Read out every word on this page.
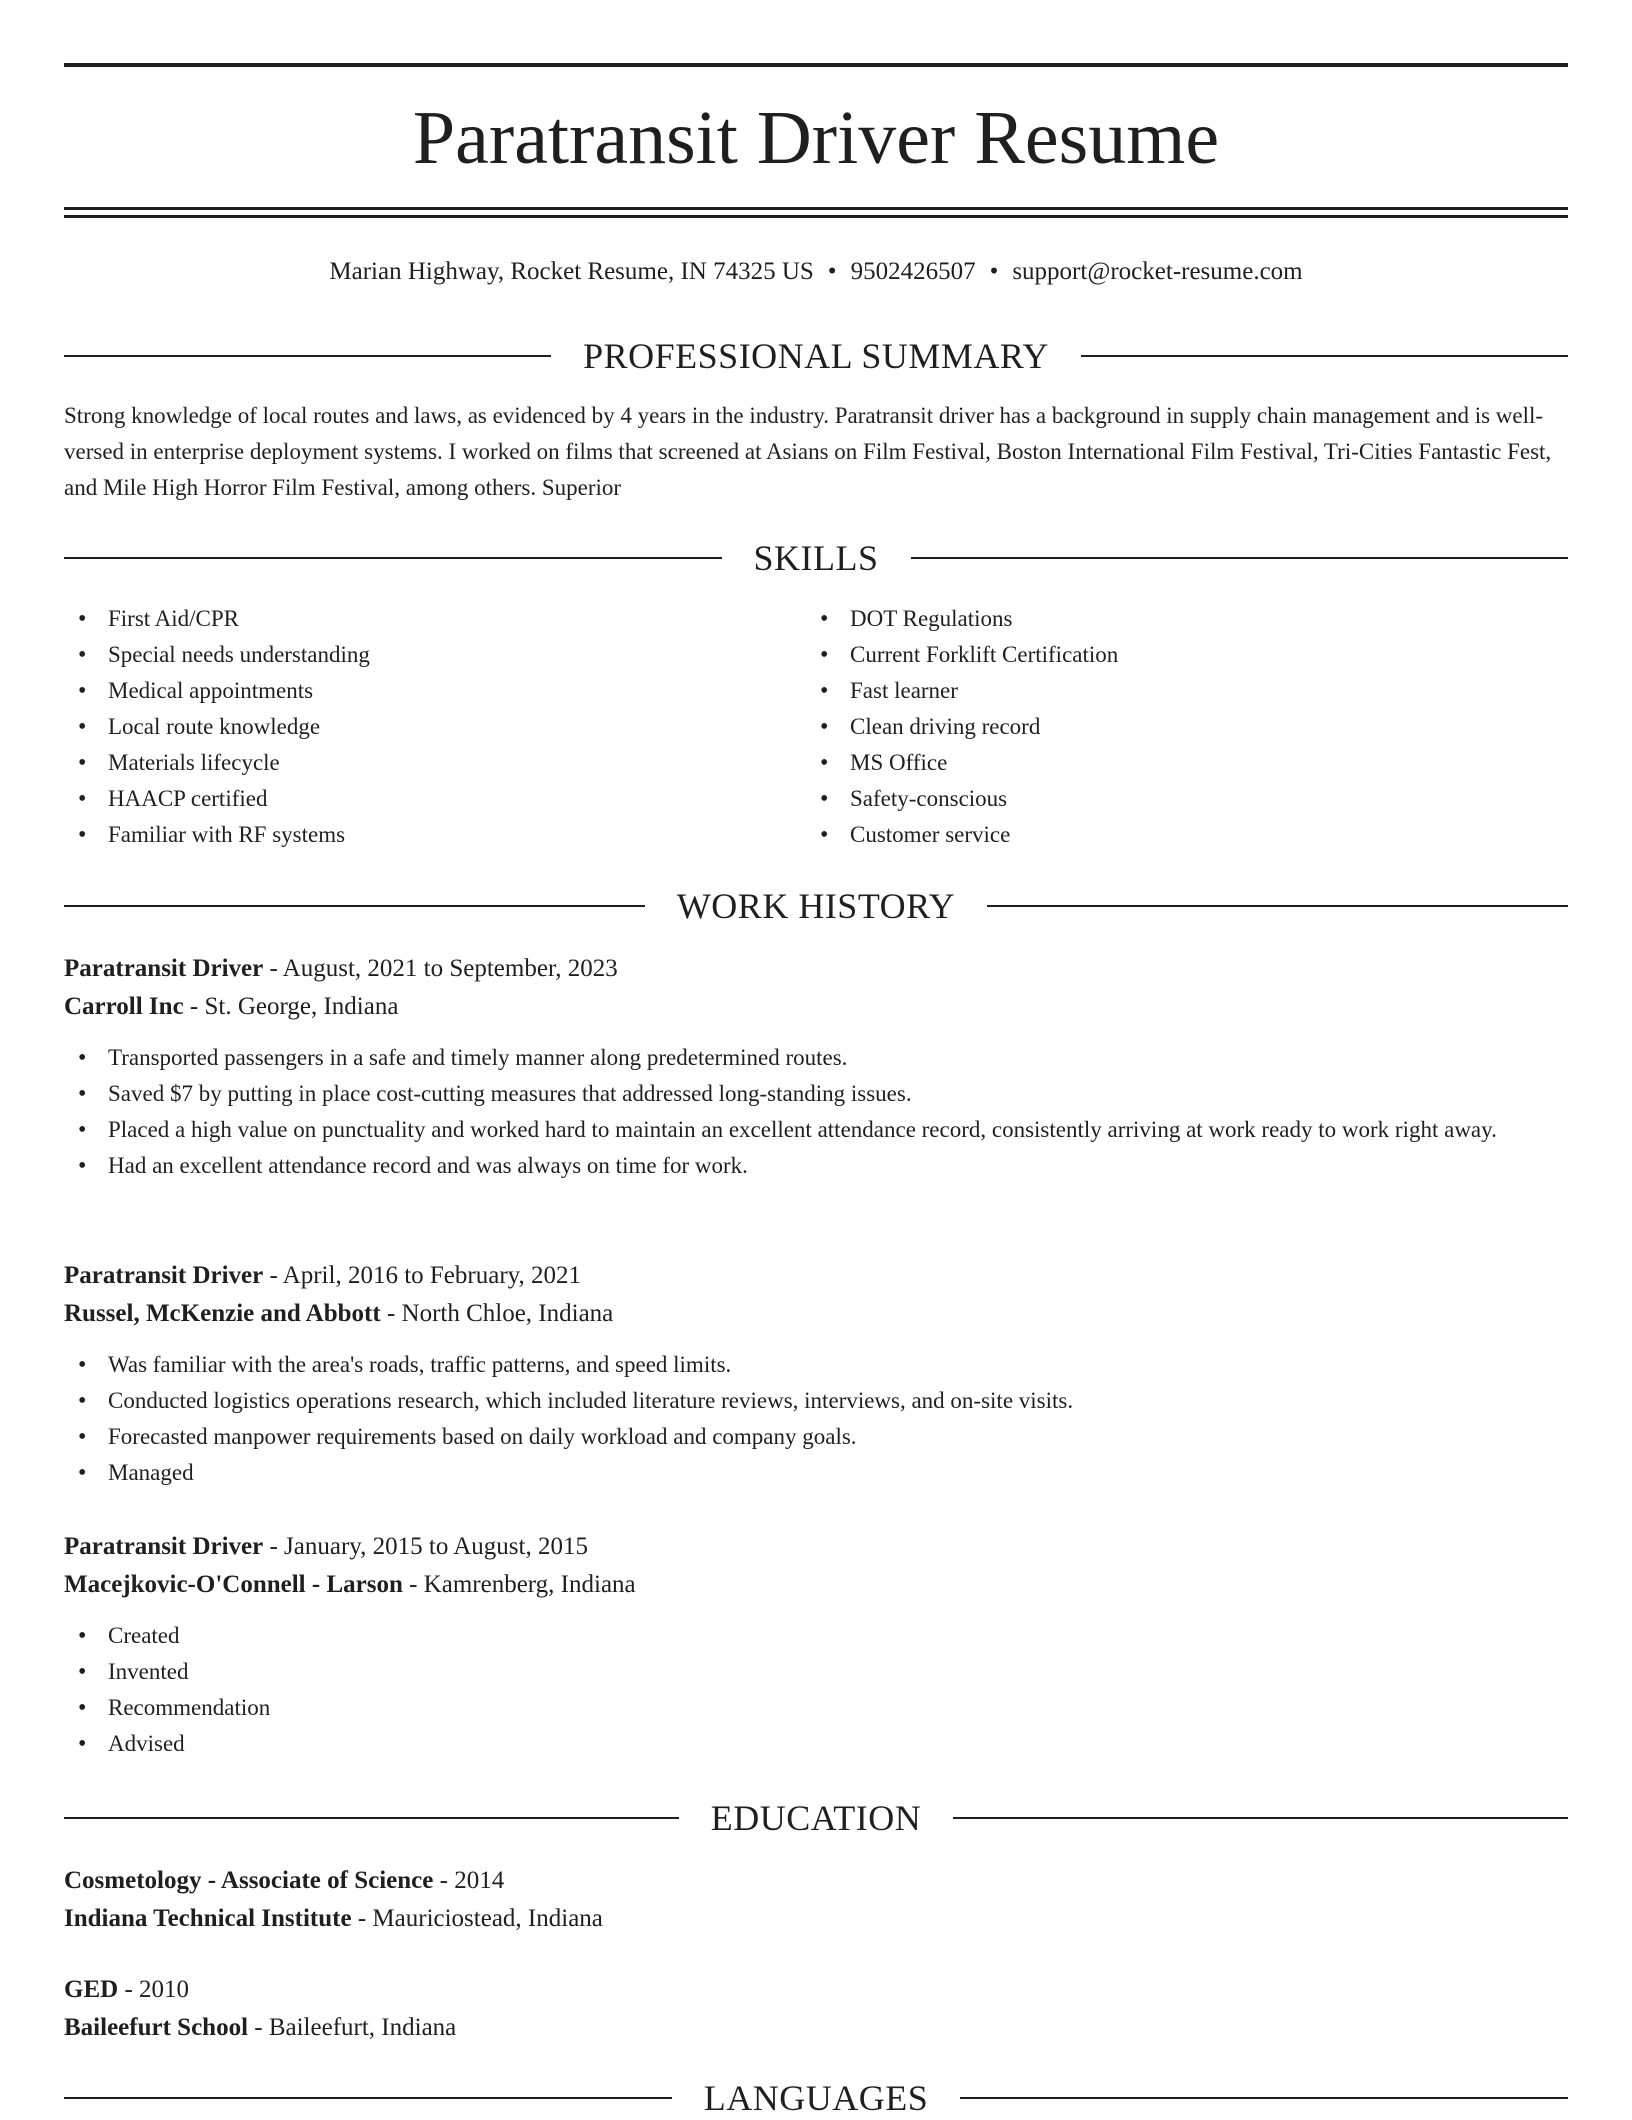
Paratransit Driver Resume
Marian Highway, Rocket Resume, IN 74325 US • 9502426507 • support@rocket-resume.com
PROFESSIONAL SUMMARY

Strong knowledge of local routes and laws, as evidenced by 4 years in the industry. Paratransit driver has a background in supply chain management and is well-versed in enterprise deployment systems. I worked on films that screened at Asians on Film Festival, Boston International Film Festival, Tri-Cities Fantastic Fest, and Mile High Horror Film Festival, among others. Superior

SKILLS
• First Aid/CPR
• Special needs understanding
• Medical appointments
• Local route knowledge
• Materials lifecycle
• HAACP certified
• Familiar with RF systems
• DOT Regulations
• Current Forklift Certification
• Fast learner
• Clean driving record
• MS Office
• Safety-conscious
• Customer service
WORK HISTORY
Paratransit Driver - August, 2021 to September, 2023
Carroll Inc - St. George, Indiana
• Transported passengers in a safe and timely manner along predetermined routes.
• Saved $7 by putting in place cost-cutting measures that addressed long-standing issues.
• Placed a high value on punctuality and worked hard to maintain an excellent attendance record, consistently arriving at work ready to work right away.
• Had an excellent attendance record and was always on time for work.
Paratransit Driver - April, 2016 to February, 2021
Russel, McKenzie and Abbott - North Chloe, Indiana
• Was familiar with the area's roads, traffic patterns, and speed limits.
• Conducted logistics operations research, which included literature reviews, interviews, and on-site visits.
• Forecasted manpower requirements based on daily workload and company goals.
• Managed
Paratransit Driver - January, 2015 to August, 2015
Macejkovic-O'Connell - Larson - Kamrenberg, Indiana
• Created
• Invented
• Recommendation
• Advised
EDUCATION
Cosmetology - Associate of Science - 2014
Indiana Technical Institute - Mauriciostead, Indiana
GED - 2010
Baileefurt School - Baileefurt, Indiana
LANGUAGES
